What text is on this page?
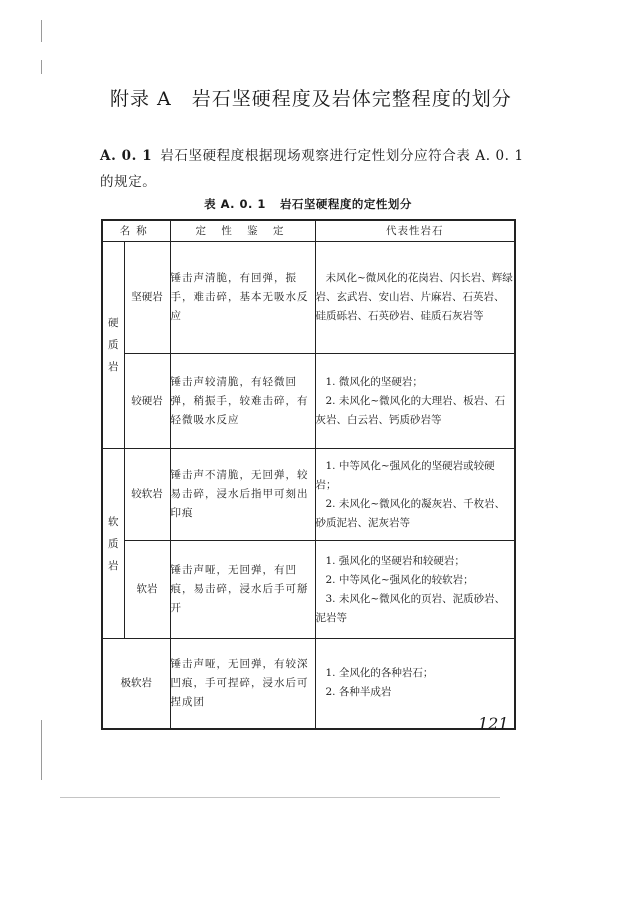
附录 A　岩石坚硬程度及岩体完整程度的划分
A. 0. 1 岩石坚硬程度根据现场观察进行定性划分应符合表 A. 0. 1 的规定。
表 A. 0. 1 岩石坚硬程度的定性划分
名称		定 性 鉴 定	代表性岩石

硬质岩	坚硬岩	锤击声清脆，有回弹，振手，难击碎，基本无吸水反应	未风化~微风化的花岗岩、闪长岩、辉绿岩、玄武岩、安山岩、片麻岩、石英岩、硅质砾岩、石英砂岩、硅质石灰岩等

	较硬岩	锤击声较清脆，有轻微回弹，稍振手，较难击碎，有轻微吸水反应	1. 微风化的坚硬岩；
2. 未风化~微风化的大理岩、板岩、石灰岩、白云岩、钙质砂岩等

软质岩	较软岩	锤击声不清脆，无回弹，较易击碎，浸水后指甲可刻出印痕	1. 中等风化~强风化的坚硬岩或较硬岩；
2. 未风化~微风化的凝灰岩、千枚岩、砂质泥岩、泥灰岩等

	软岩	锤击声哑，无回弹，有凹痕，易击碎，浸水后手可掰开	1. 强风化的坚硬岩和较硬岩；
2. 中等风化~强风化的较软岩；
3. 未风化~微风化的页岩、泥质砂岩、泥岩等

极软岩		锤击声哑，无回弹，有较深凹痕，手可捏碎，浸水后可捏成团	1. 全风化的各种岩石；
2. 各种半成岩
121
